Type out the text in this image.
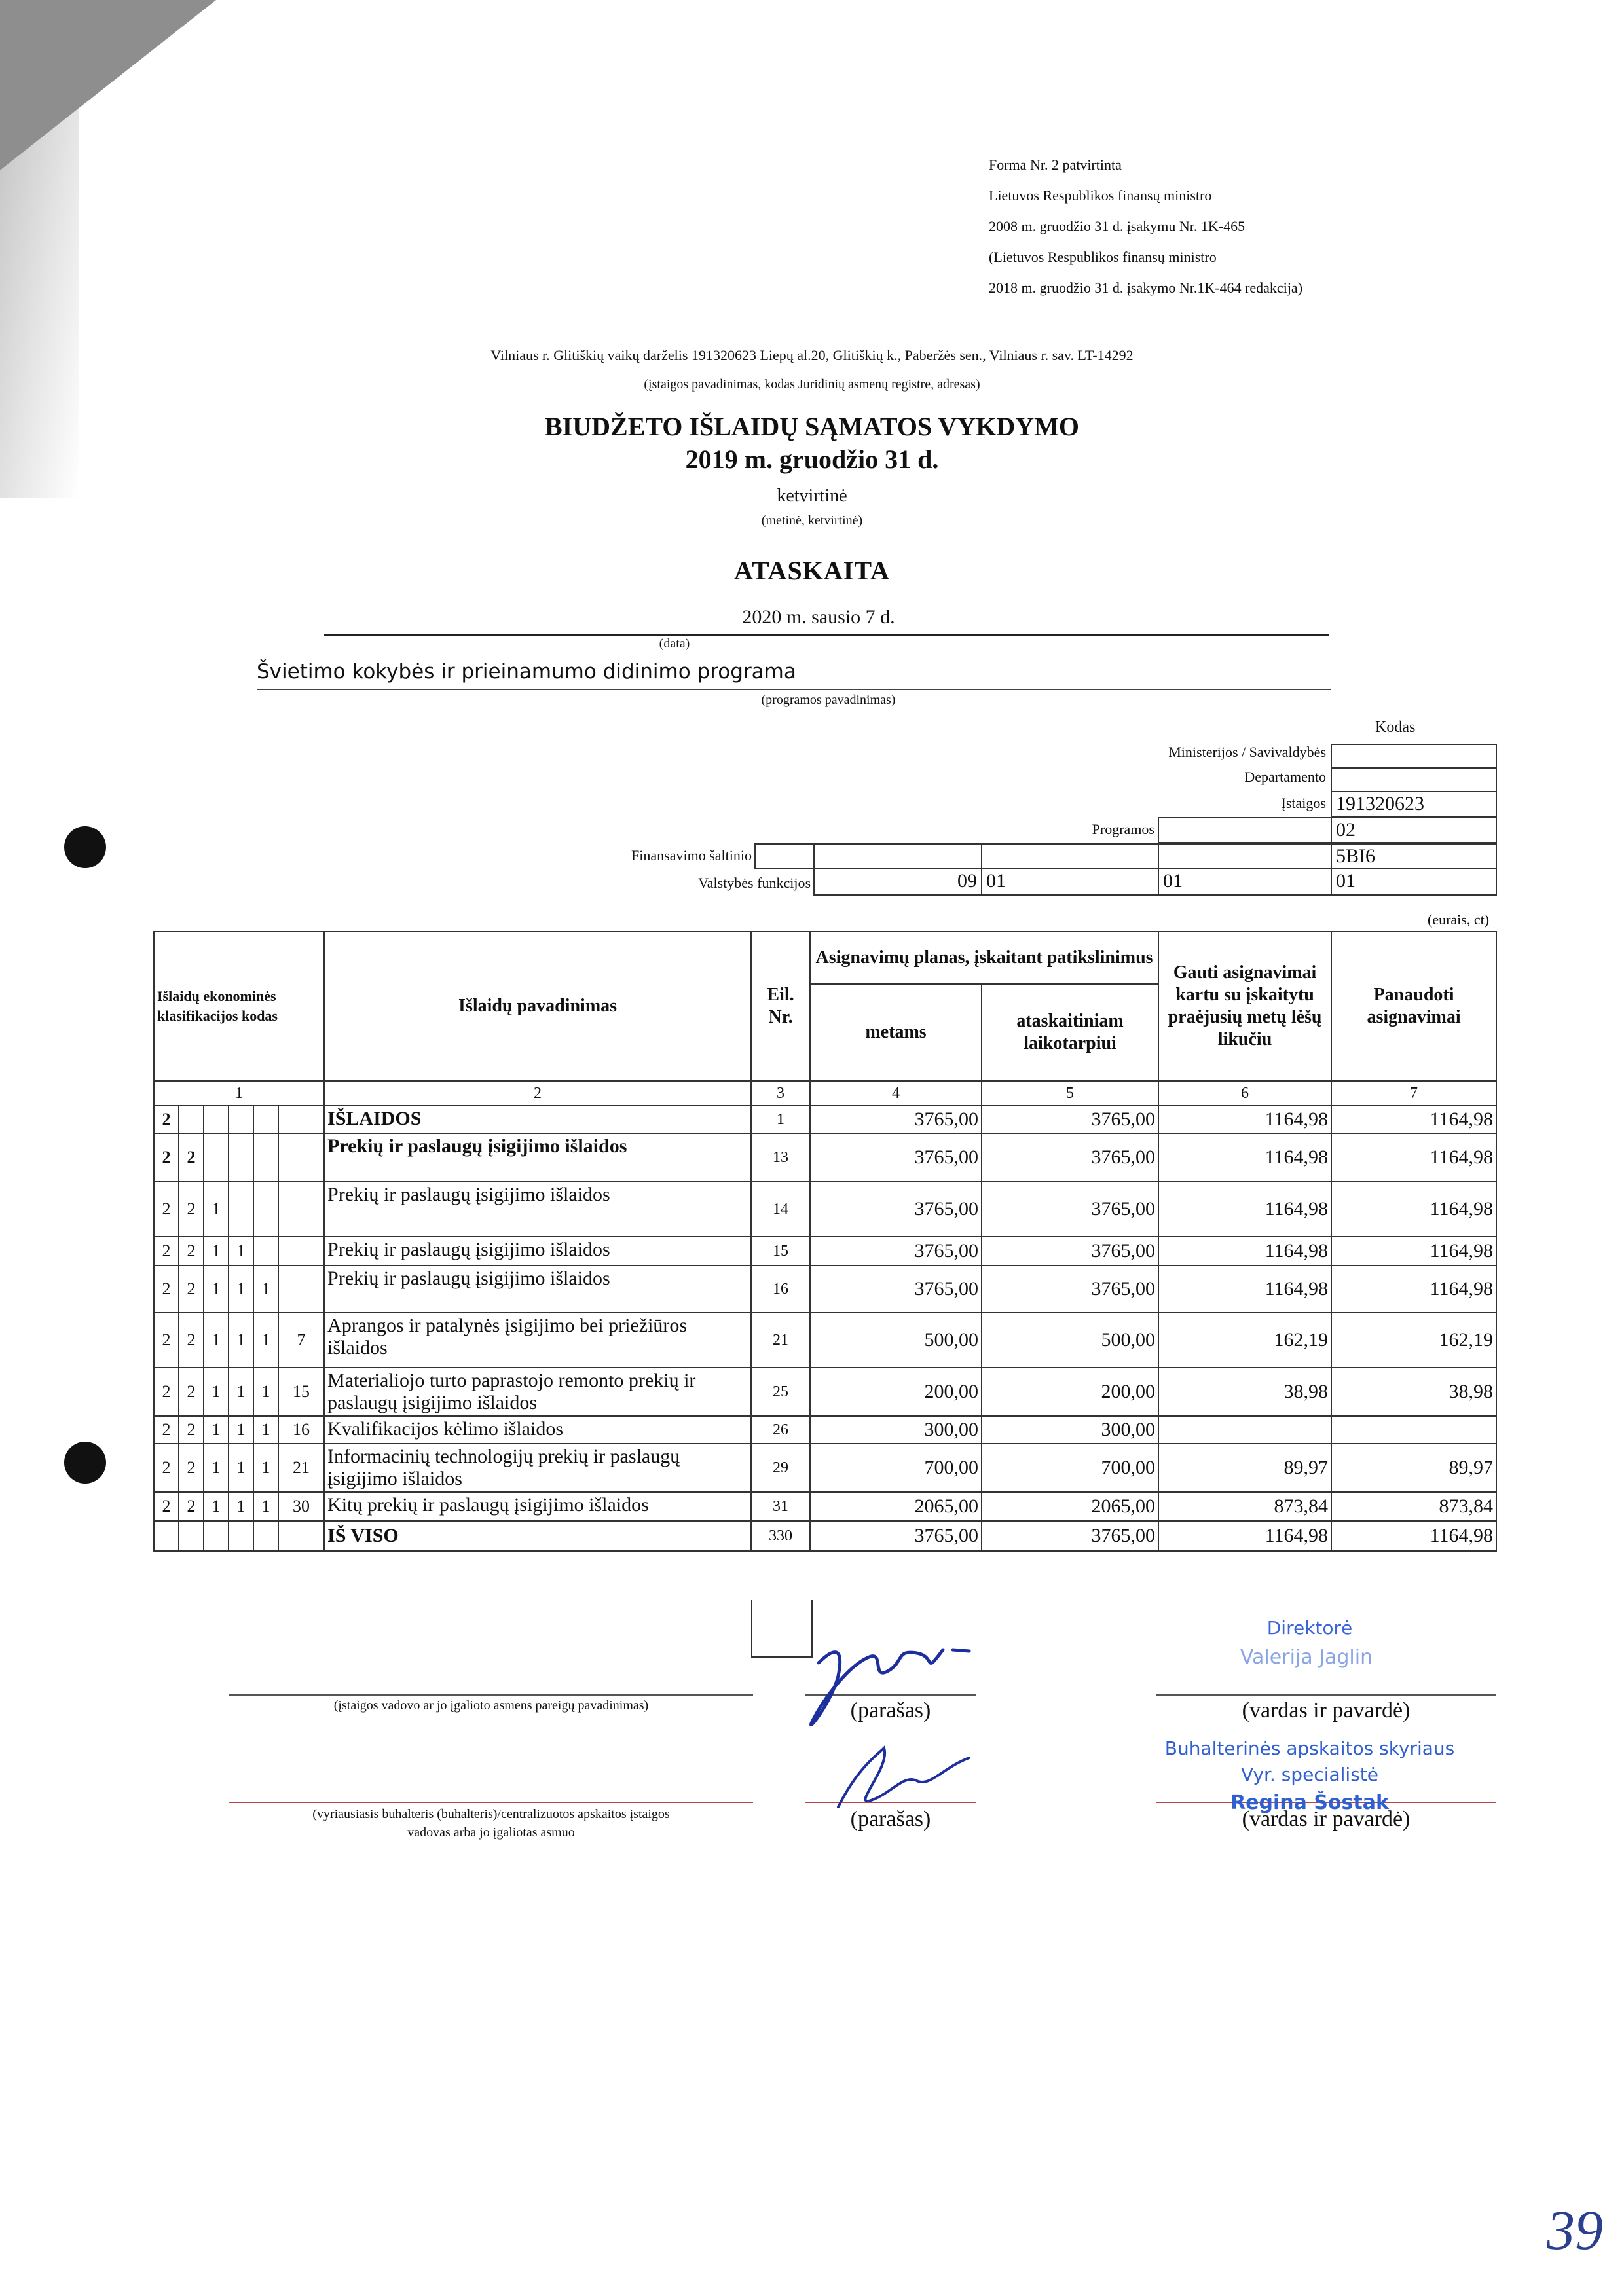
Forma Nr. 2 patvirtinta
Lietuvos Respublikos finansų ministro
2008 m. gruodžio 31 d. įsakymu Nr. 1K-465
(Lietuvos Respublikos finansų ministro
2018 m. gruodžio 31 d. įsakymo Nr.1K-464 redakcija)
Vilniaus r. Glitiškių vaikų darželis 191320623 Liepų al.20, Glitiškių k., Paberžės sen., Vilniaus r. sav. LT-14292
(įstaigos pavadinimas, kodas Juridinių asmenų registre, adresas)
BIUDŽETO IŠLAIDŲ SĄMATOS VYKDYMO
2019 m. gruodžio 31 d.
ketvirtinė
(metinė, ketvirtinė)
ATASKAITA
2020 m. sausio 7 d.
(data)
Švietimo kokybės ir prieinamumo didinimo programa
(programos pavadinimas)
Kodas
Ministerijos / Savivaldybės
Departamento
Įstaigos 191320623
Programos	02
Finansavimo šaltinio	5BI6
Valstybės funkcijos	09 01	01	01
(eurais, ct)
Išlaidų ekonominės klasifikacijos kodas						Išlaidų pavadinimas	Eil. Nr.	Asignavimų planas, įskaitant patikslinimus		Gauti asignavimai kartu su įskaitytu praėjusių metų lėšų likučiu	Panaudoti asignavimai
								metams	ataskaitiniam laikotarpiui		
1						2	3	4	5	6	7
2						IŠLAIDOS	1	3765,00	3765,00	1164,98	1164,98
2	2					Prekių ir paslaugų įsigijimo išlaidos	13	3765,00	3765,00	1164,98	1164,98
2	2	1				Prekių ir paslaugų įsigijimo išlaidos	14	3765,00	3765,00	1164,98	1164,98
2	2	1	1			Prekių ir paslaugų įsigijimo išlaidos	15	3765,00	3765,00	1164,98	1164,98
2	2	1	1	1		Prekių ir paslaugų įsigijimo išlaidos	16	3765,00	3765,00	1164,98	1164,98
2	2	1	1	1	7	Aprangos ir patalynės įsigijimo bei priežiūros išlaidos	21	500,00	500,00	162,19	162,19
2	2	1	1	1	15	Materialiojo turto paprastojo remonto prekių ir paslaugų įsigijimo išlaidos	25	200,00	200,00	38,98	38,98
2	2	1	1	1	16	Kvalifikacijos kėlimo išlaidos	26	300,00	300,00		
2	2	1	1	1	21	Informacinių technologijų prekių ir paslaugų įsigijimo išlaidos	29	700,00	700,00	89,97	89,97
2	2	1	1	1	30	Kitų prekių ir paslaugų įsigijimo išlaidos	31	2065,00	2065,00	873,84	873,84
						IŠ VISO	330	3765,00	3765,00	1164,98	1164,98
(įstaigos vadovo ar jo įgalioto asmens pareigų pavadinimas)	(parašas)	(vardas ir pavardė)
Direktorė
Valerija Jaglin
(vyriausiasis buhalteris (buhalteris)/centralizuotos apskaitos įstaigos
vadovas arba jo įgaliotas asmuo
(parašas)	(vardas ir pavardė)
Buhalterinės apskaitos skyriaus
Vyr. specialistė
Regina Šostak
39
